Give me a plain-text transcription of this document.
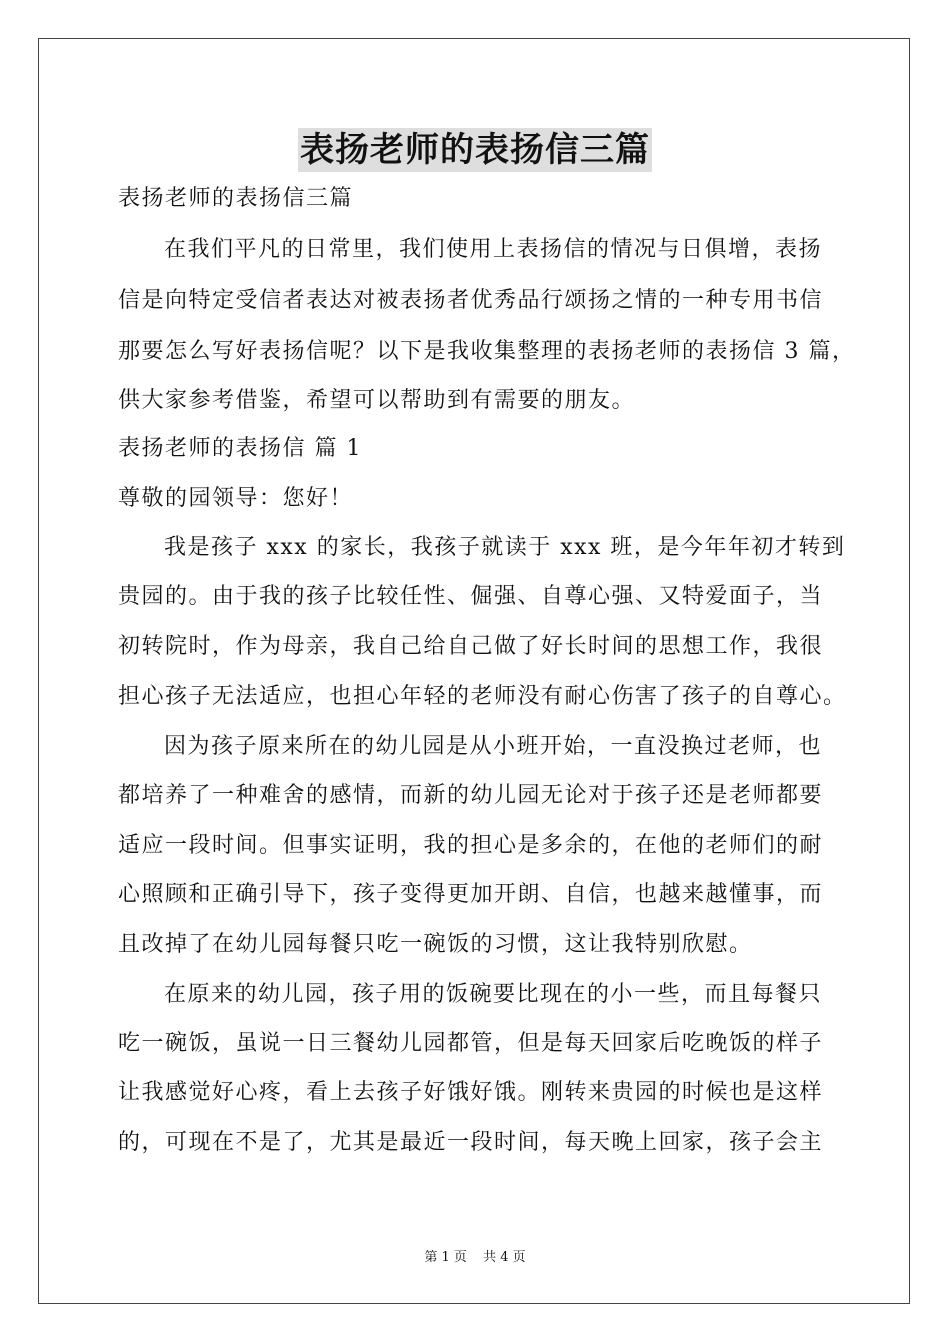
表扬老师的表扬信三篇
表扬老师的表扬信三篇
在我们平凡的日常里，我们使用上表扬信的情况与日俱增，表扬
信是向特定受信者表达对被表扬者优秀品行颂扬之情的一种专用书信
那要怎么写好表扬信呢？以下是我收集整理的表扬老师的表扬信 3 篇，
供大家参考借鉴，希望可以帮助到有需要的朋友。
表扬老师的表扬信 篇 1
尊敬的园领导：您好！
我是孩子 xxx 的家长，我孩子就读于 xxx 班，是今年年初才转到
贵园的。由于我的孩子比较任性、倔强、自尊心强、又特爱面子，当
初转院时，作为母亲，我自己给自己做了好长时间的思想工作，我很
担心孩子无法适应，也担心年轻的老师没有耐心伤害了孩子的自尊心。
因为孩子原来所在的幼儿园是从小班开始，一直没换过老师，也
都培养了一种难舍的感情，而新的幼儿园无论对于孩子还是老师都要
适应一段时间。但事实证明，我的担心是多余的，在他的老师们的耐
心照顾和正确引导下，孩子变得更加开朗、自信，也越来越懂事，而
且改掉了在幼儿园每餐只吃一碗饭的习惯，这让我特别欣慰。
在原来的幼儿园，孩子用的饭碗要比现在的小一些，而且每餐只
吃一碗饭，虽说一日三餐幼儿园都管，但是每天回家后吃晚饭的样子
让我感觉好心疼，看上去孩子好饿好饿。刚转来贵园的时候也是这样
的，可现在不是了，尤其是最近一段时间，每天晚上回家，孩子会主
第 1 页 共 4 页
